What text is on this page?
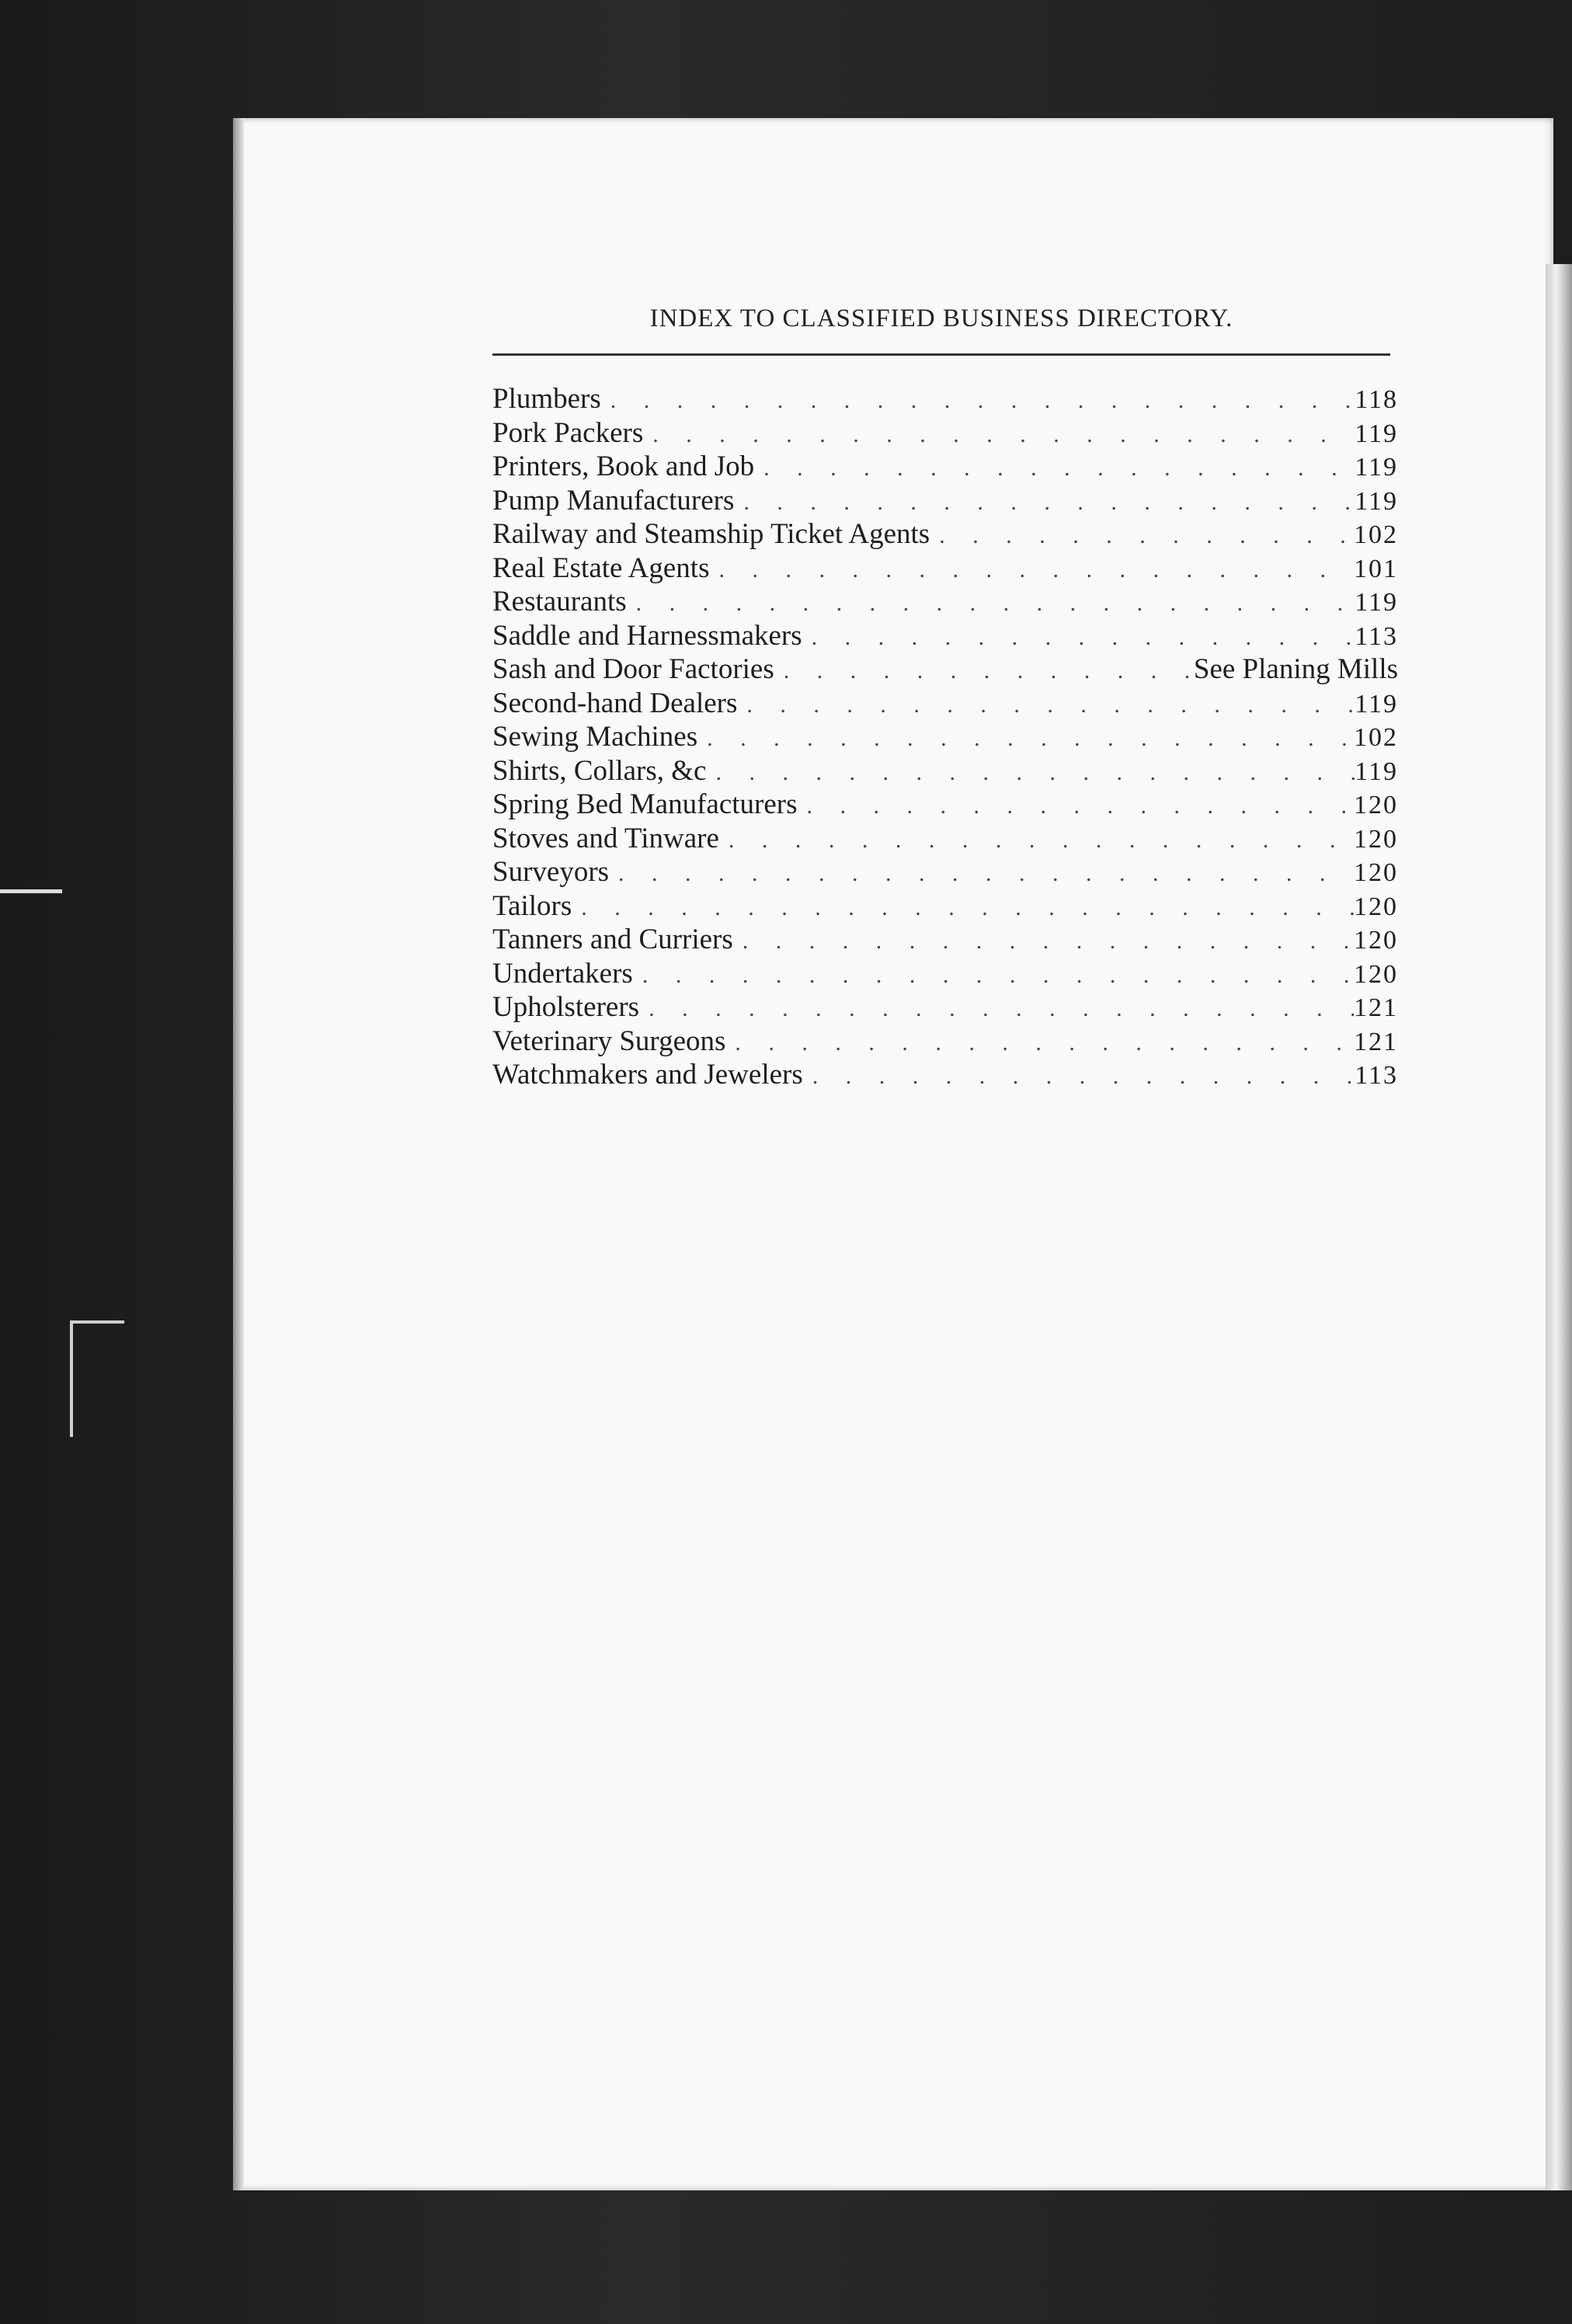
INDEX TO CLASSIFIED BUSINESS DIRECTORY.
Plumbers . . .	118
Pork Packers . . .	119
Printers, Book and Job . . .	119
Pump Manufacturers . . .	119
Railway and Steamship Ticket Agents . . .	102
Real Estate Agents . . .	101
Restaurants . . .	119
Saddle and Harnessmakers . . .	113
Sash and Door Factories . . .	See Planing Mills
Second-hand Dealers . . .	119
Sewing Machines . . .	102
Shirts, Collars, &c . . .	119
Spring Bed Manufacturers . . .	120
Stoves and Tinware . . .	120
Surveyors . . .	120
Tailors . . .	120
Tanners and Curriers . . .	120
Undertakers . . .	120
Upholsterers . . .	121
Veterinary Surgeons . . .	121
Watchmakers and Jewelers . . .	113
